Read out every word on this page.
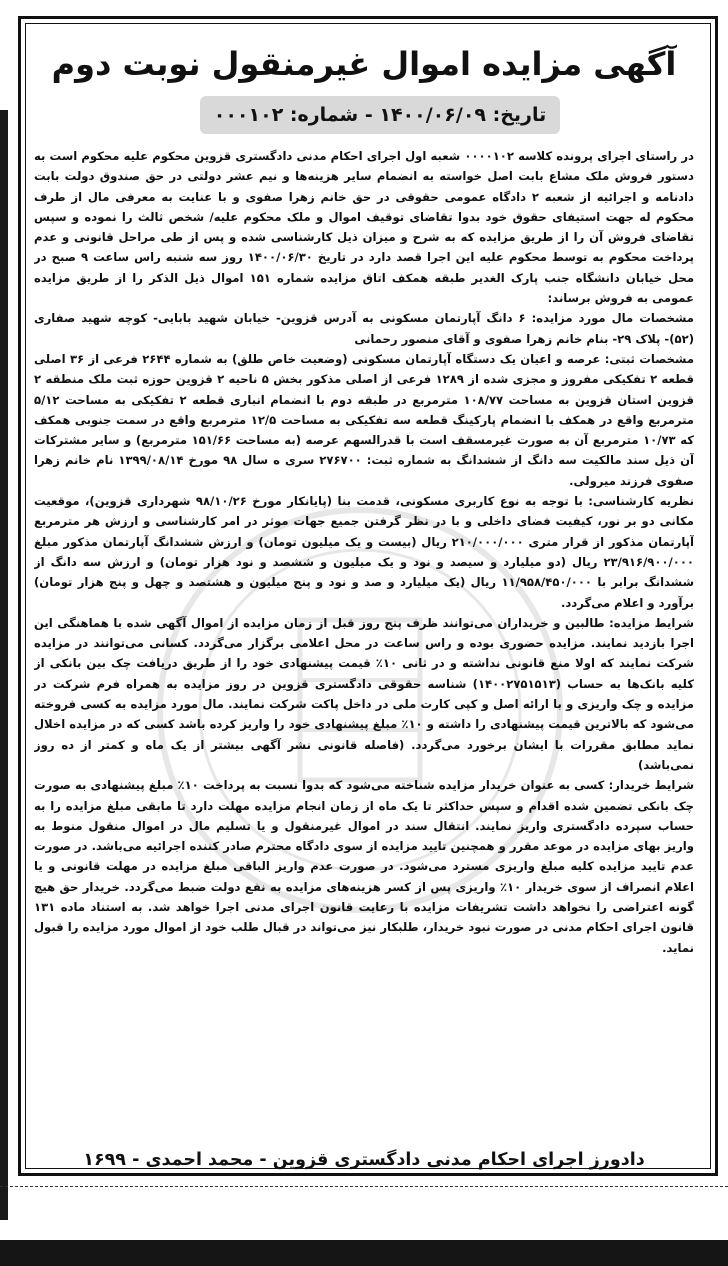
آگهی مزایده اموال غیرمنقول نوبت دوم
تاریخ: ۱۴۰۰/۰۶/۰۹ - شماره: ۰۰۰۱۰۲

در راستای اجرای پرونده کلاسه ۰۰۰۰۱۰۲ شعبه اول اجرای احکام مدنی دادگستری قزوین محکوم علیه محکوم است به دستور فروش ملک مشاع بابت اصل خواسته به انضمام سایر هزینه‌ها و نیم عشر دولتی در حق صندوق دولت بابت دادنامه و اجرائیه از شعبه ۲ دادگاه عمومی حقوقی در حق خانم زهرا صفوی و با عنایت به معرفی مال از طرف محکوم له جهت استیفای حقوق خود بدوا تقاضای توقیف اموال و ملک محکوم علیه/ شخص ثالث را نموده و سپس تقاضای فروش آن را از طریق مزایده که به شرح و میزان ذیل کارشناسی شده و پس از طی مراحل قانونی و عدم پرداخت محکوم به توسط محکوم علیه این اجرا قصد دارد در تاریخ ۱۴۰۰/۰۶/۳۰ روز سه شنبه راس ساعت ۹ صبح در محل خیابان دانشگاه جنب پارک الغدیر طبقه همکف اتاق مزایده شماره ۱۵۱ اموال ذیل الذکر را از طریق مزایده عمومی به فروش برساند:

مشخصات مال مورد مزایده: ۶ دانگ آپارتمان مسکونی به آدرس قزوین- خیابان شهید بابایی- کوچه شهید صفاری (۵۲)- پلاک ۲۹- بنام خانم زهرا صفوی و آقای منصور رحمانی

مشخصات ثبتی: عرصه و اعیان یک دستگاه آپارتمان مسکونی (وضعیت خاص طلق) به شماره ۲۶۴۴ فرعی از ۳۶ اصلی قطعه ۲ تفکیکی مفروز و مجزی شده از ۱۲۸۹ فرعی از اصلی مذکور بخش ۵ ناحیه ۲ قزوین حوزه ثبت ملک منطقه ۲ قزوین استان قزوین به مساحت ۱۰۸/۷۷ مترمربع در طبقه دوم با انضمام انباری قطعه ۲ تفکیکی به مساحت ۵/۱۲ مترمربع واقع در همکف با انضمام پارکینگ قطعه سه تفکیکی به مساحت ۱۲/۵ مترمربع واقع در سمت جنوبی همکف که ۱۰/۷۳ مترمربع آن به صورت غیرمسقف است با قدرالسهم عرصه (به مساحت ۱۵۱/۶۶ مترمربع) و سایر مشترکات آن ذیل سند مالکیت سه دانگ از ششدانگ به شماره ثبت: ۲۷۶۷۰۰ سری ه سال ۹۸ مورخ ۱۳۹۹/۰۸/۱۴ نام خانم زهرا صفوی فرزند میرولی.

نظریه کارشناسی: با توجه به نوع کاربری مسکونی، قدمت بنا (پایانکار مورخ ۹۸/۱۰/۲۶ شهرداری قزوین)، موقعیت مکانی دو بر نور، کیفیت فضای داخلی و با در نظر گرفتن جمیع جهات موثر در امر کارشناسی و ارزش هر مترمربع آپارتمان مذکور از قرار متری ۲۱۰/۰۰۰/۰۰۰ ریال (بیست و یک میلیون تومان) و ارزش ششدانگ آپارتمان مذکور مبلغ ۲۳/۹۱۶/۹۰۰/۰۰۰ ریال (دو میلیارد و سیصد و نود و یک میلیون و ششصد و نود هزار تومان) و ارزش سه دانگ از ششدانگ برابر با ۱۱/۹۵۸/۴۵۰/۰۰۰ ریال (یک میلیارد و صد و نود و پنج میلیون و هشتصد و چهل و پنج هزار تومان) برآورد و اعلام می‌گردد.

شرایط مزایده: طالبین و خریداران می‌توانند ظرف پنج روز قبل از زمان مزایده از اموال آگهی شده با هماهنگی این اجرا بازدید نمایند. مزایده حضوری بوده و راس ساعت در محل اعلامی برگزار می‌گردد. کسانی می‌توانند در مزایده شرکت نمایند که اولا منع قانونی نداشته و در ثانی ۱۰٪ قیمت پیشنهادی خود را از طریق دریافت چک بین بانکی از کلیه بانک‌ها به حساب (۱۴۰۰۲۷۵۱۵۱۳) شناسه حقوقی دادگستری قزوین در روز مزایده به همراه فرم شرکت در مزایده و چک واریزی و با ارائه اصل و کپی کارت ملی در داخل پاکت شرکت نمایند. مال مورد مزایده به کسی فروخته می‌شود که بالاترین قیمت پیشنهادی را داشته و ۱۰٪ مبلغ پیشنهادی خود را واریز کرده باشد کسی که در مزایده اخلال نماید مطابق مقررات با ایشان برخورد می‌گردد. (فاصله قانونی نشر آگهی بیشتر از یک ماه و کمتر از ده روز نمی‌باشد)

شرایط خریدار: کسی به عنوان خریدار مزایده شناخته می‌شود که بدوا نسبت به پرداخت ۱۰٪ مبلغ پیشنهادی به صورت چک بانکی تضمین شده اقدام و سپس حداکثر تا یک ماه از زمان انجام مزایده مهلت دارد تا مابقی مبلغ مزایده را به حساب سپرده دادگستری واریز نمایند. انتقال سند در اموال غیرمنقول و یا تسلیم مال در اموال منقول منوط به واریز بهای مزایده در موعد مقرر و همچنین تایید مزایده از سوی دادگاه محترم صادر کننده اجرائیه می‌باشد. در صورت عدم تایید مزایده کلیه مبلغ واریزی مسترد می‌شود. در صورت عدم واریز الباقی مبلغ مزایده در مهلت قانونی و یا اعلام انصراف از سوی خریدار ۱۰٪ واریزی پس از کسر هزینه‌های مزایده به نفع دولت ضبط می‌گردد. خریدار حق هیچ گونه اعتراضی را نخواهد داشت تشریفات مزایده با رعایت قانون اجرای مدنی اجرا خواهد شد. به استناد ماده ۱۳۱ قانون اجرای احکام مدنی در صورت نبود خریدار، طلبکار نیز می‌تواند در قبال طلب خود از اموال مورد مزایده را قبول نماید.

دادورز اجرای احکام مدنی دادگستری قزوین - محمد احمدی - ۱۶۹۹
